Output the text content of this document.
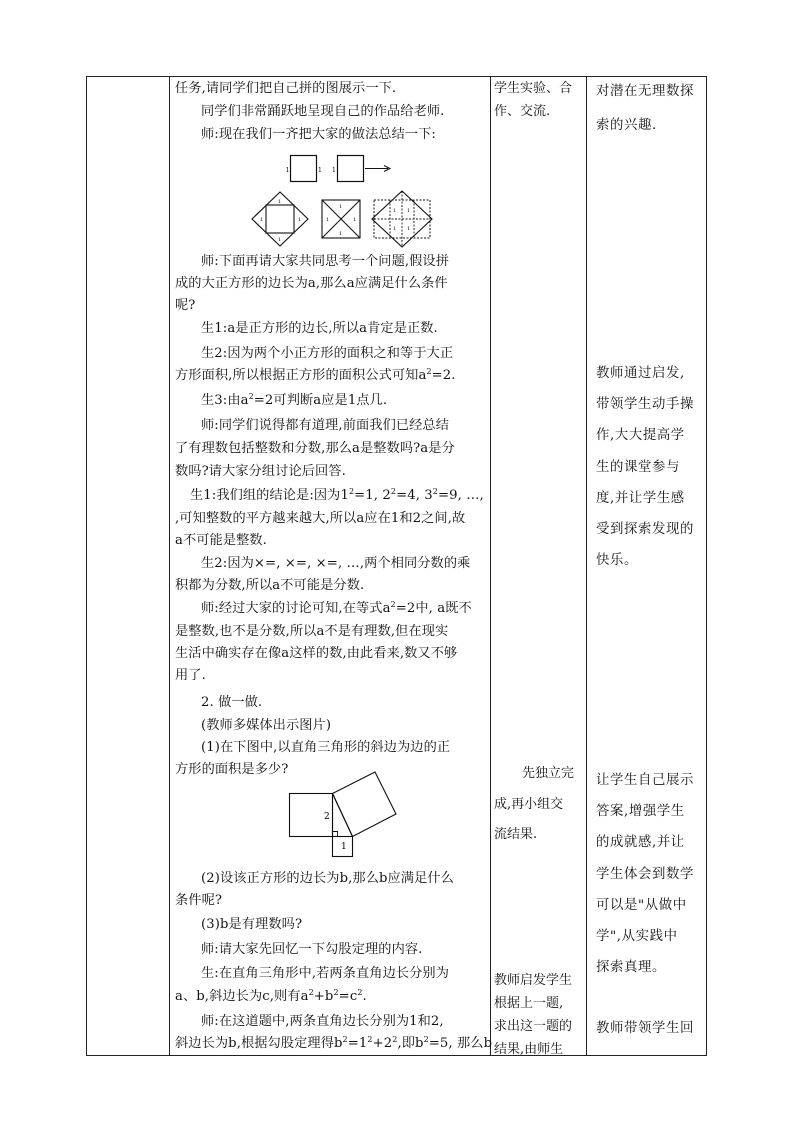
任务,请同学们把自己拼的图展示一下.
同学们非常踊跃地呈现自己的作品给老师.
师:现在我们一齐把大家的做法总结一下:
1	1 1
1
1
1	1
1
1
1	1
1 1
1 1
师:下面再请大家共同思考一个问题,假设拼
成的大正方形的边长为a,那么a应满足什么条件
呢?
生1:a是正方形的边长,所以a肯定是正数.
生2:因为两个小正方形的面积之和等于大正
方形面积,所以根据正方形的面积公式可知$a^2=2$.
生3:由$a^2=2$可判断a应是1点几.
师:同学们说得都有道理,前面我们已经总结
了有理数包括整数和分数,那么a是整数吗?a是分
数吗?请大家分组讨论后回答.
生1:我们组的结论是:因为$1^2=1$, $2^2=4$, $3^2=9$, …,
,可知整数的平方越来越大,所以a应在1和2之间,故
a不可能是整数.
生2:因为×=, ×=, ×=, …,两个相同分数的乘
积都为分数,所以a不可能是分数.
师:经过大家的讨论可知,在等式$a^2=2$中, a既不
是整数,也不是分数,所以a不是有理数,但在现实
生活中确实存在像a这样的数,由此看来,数又不够
用了.
2. 做一做.
(教师多媒体出示图片)
(1)在下图中,以直角三角形的斜边为边的正
方形的面积是多少?
2
1
(2)设该正方形的边长为b,那么b应满足什么
条件呢?
(3)b是有理数吗?
师:请大家先回忆一下勾股定理的内容.
生:在直角三角形中,若两条直角边长分别为
a、b,斜边长为c,则有$a^2+b^2=c^2$.
师:在这道题中,两条直角边长分别为1和2,
斜边长为b,根据勾股定理得$b^2=1^2+2^2$,即$b^2=5$, 那么b
学生实验、合
作、交流.
先独立完
成,再小组交
流结果.
教师启发学生
根据上一题,
求出这一题的
结果,由师生
对潜在无理数探
索的兴趣.
教师通过启发,
带领学生动手操
作,大大提高学
生的课堂参与
度,并让学生感
受到探索发现的
快乐。
让学生自己展示
答案,增强学生
的成就感,并让
学生体会到数学
可以是"从做中
学",从实践中
探索真理。
教师带领学生回
